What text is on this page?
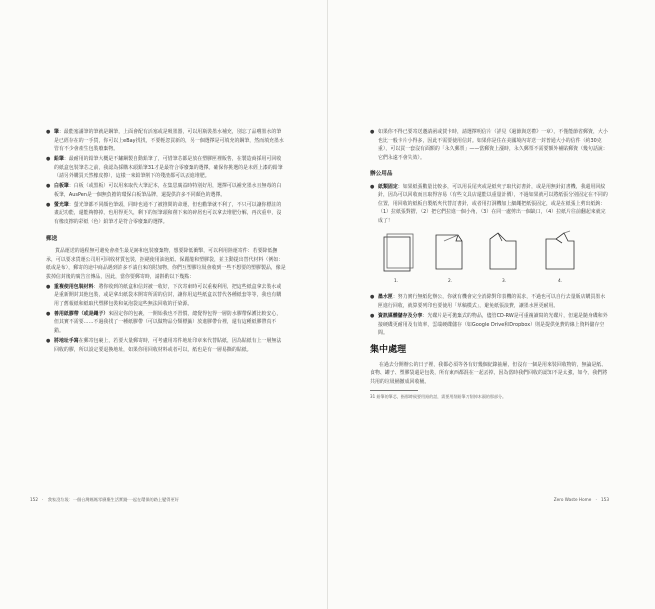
● 筆：最能塞滿筆的筆就是鋼筆，上面會配有活塞或是吸墨器，可以用瓶裝墨水補充，別忘了品嚐墨水的筆是已經存在的一手貨，你可以上eBay找找，不要輕忽買新的，另一個選擇是可填充的鋼筆，然而填充墨水管有不少會產生包裝廢棄物。
● 鉛筆：最耐用的鉛筆大概是不鏽鋼製自動鉛筆了，可惜筆芯都是放在塑膠匣裡販售，在製造商採用可回收的紙盒包裝筆芯之前，我認為採購木頭鉛筆31才是最符合零廢棄的選擇。確保你挑選的是未經上漆的鉛筆（請另外購買天然橡皮擦），這樣一來鉛筆削下的殘渣都可以丟進堆肥。
● 白板筆：白板（或黑板）可以用來取代大筆記本，在集思廣益時特別好用，選擇可以補充墨水且無毒的白板筆，AusPen是一個無負擔的環保白板筆品牌，還提供許多不同顏色的選擇。
● 螢光筆：螢光筆都不同顏色筆頭，同時也通不了被推問的命運，但也勸筆就不利了，不只可以讓你標註的畫記功能，還能夠擦掉，也用得更久，剩下的短筆頭和削下來的碎屑也可以拿去堆肥分解，再次重申，沒有橡皮擦的彩紙（色）鉛筆才是符合零廢棄的選擇。
郵送
貨品運送的過程無可避免會產生最足跡和包裝廢棄物，想要降低衝擊，可以利用陸運寄件：若要降低撫承，可以要求貨運公司用可回收材質包裝，拒絕使用油泡紙、保麗龍和塑膠袋，並主動提出替代材料（例如：紙或是布），郵寄的途中商品遇到許多不請自來的附加物，你們互塑膠垃圾會收到一些不想要的塑膠製品，像是拔掉信封後的廣告宣傳品，因此，當你要郵寄時，請斟酌以下幾點：
● 重複使用包裝材料：將你收到的紙盒和信封被一收好，下次寄東時可以重複利用，把這些紙盒拿去裝水或是重新開封其他包裝，或是拿出紙袋本開寄所需的信封，讓你用這些紙盒以替代各種紙套等等，我也有購用了舊報紙和紙取代塑膠包裝和氣泡袋這些無法回收的汙染源。
● 善用紙膠帶（或是繩子）來固定你的包裹，一開始我也不習慣，總覺得包得一層防水膠帶保護比較安心，但其實不需要……不過我找了一種紙膠帶（可以做物品分類標籤）放進膠帶台裡，還有這種紙膠帶真不錯。
● 將地址手寫在郵寄包裹上，若要大量郵寄時，可考慮用寄件地址印章來代替貼紙，因為貼紙有上一層無法回收的膠，所以設定要退換地址，如果你用回收材料或者可以，紙也是有一層易撕的貼紙。
152　·　我家沒垃圾：一個台灣媽媽零廢棄生活實踐·一起在環保的路上變得更好
● 如果你不得已要寄送邀請函或賀卡時，請選擇明信片（詳見《過節與送禮》一章），不僅能節省郵資，大小也比一般卡片小得多，因此不需要使用信封。如果你是住在美國境內寄送一封普通大小的信件（約30克重），可以買一套沒有面額的「永久郵票」——當郵資上漲時，永久郵票不需要額外補貼郵資（幾句話說：它們永遠不會失效）。
辦公用品
● 紙類固定：如果紙張數量比較多，可以用長尾夾或是紙夾子取代釘書針，或是用無針釘書機，我還用回紋針，因為可以回收而且取得容易（有些文具店還能以重量計價），不過如果就可以將紙張分別固定在不同的位置，用回收的紙板自製紙夾代替訂書針，或者用打洞機加上細繩把紙張固定，或是在紙張上剪出紙鉤：（1）拉紙張對摺，（2）把它們拉進一個小角，（3）在同一處剪出一個缺口，（4）拉紙片往前翻起來就完成了！
1.	2.	3.	4.
● 墨水匣：努力實行無紙化辦公，你就有機會完全消除對印表機的需求，不過也可以自行去量販店購買墨水匣進行回收，就算要列印也要使用「草稿模式」，避免紙張浪費，讓墨水匣更耐用。
● 資訊媒體儲存及分享：光碟片是可拋棄式的物品，儘管CD-RW是可重複讀寫的光碟片，但還是隨身碟和外接硬碟更耐用及有效率，雲端硬碟儲存（如Google Drive和Dropbox）則是提供免費的線上資料儲存空間。
集中處理
在過去分開辦公的日子裡，我都必須等各有好幾個紀錄抽屜，但沒有一個是用來裝回收物的，無論是紙、食物、罐子、塑膠袋還是包裝，所有東西都混在一起丟掉，因為當時我們回收的認知不是太強，如今，我們將共用的垃圾桶撤成回收桶。
31 鉛筆的筆芯，指那時候要用鉛的話，需要用削鉛筆刀削掉木頭的那部分。
Zero Waste Home　·　153
